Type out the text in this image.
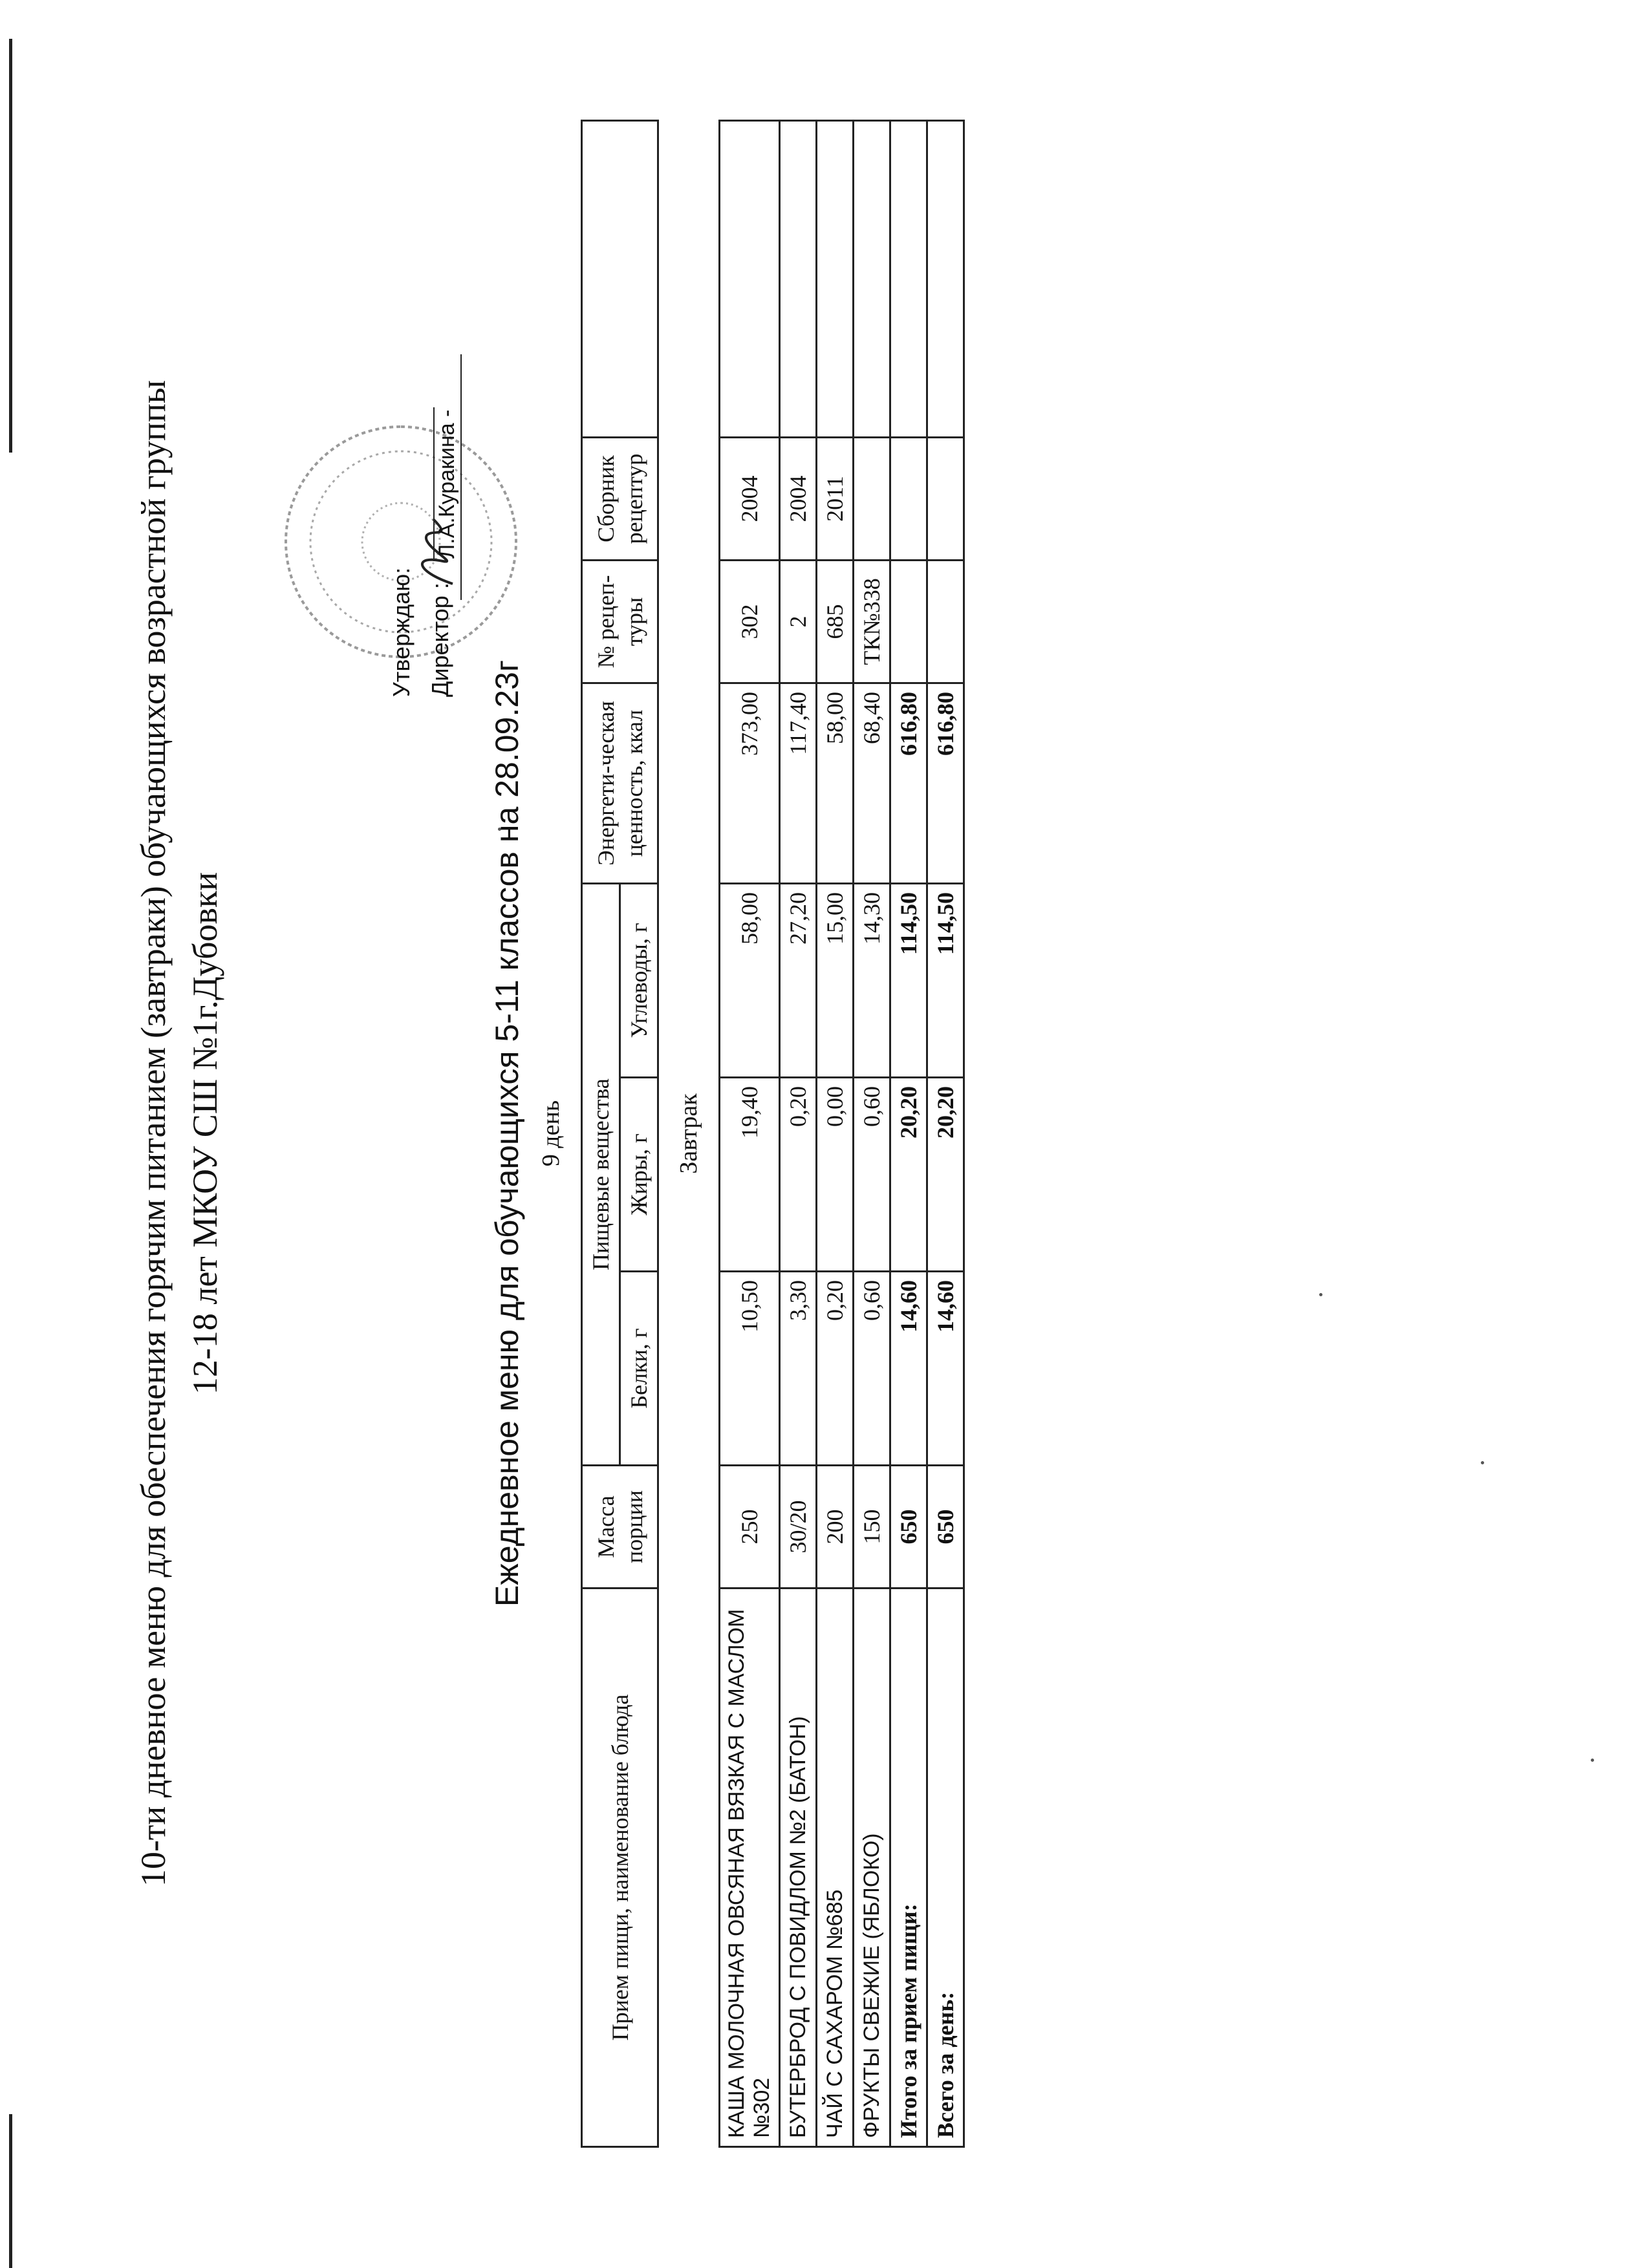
10-ти дневное меню для обеспечения горячим питанием (завтраки) обучающихся возрастной группы 12-18 лет МКОУ СШ №1г.Дубовки
Утверждаю: Директор :
Л.А.Куракина -
Ежедневное меню для обучающихся 5-11 классов на 28.09.23г 9 день
Прием пищи, наименование блюда	Масса порции	Пищевые вещества			Энергети-ческая ценность, ккал	№ рецеп-туры	Сборник рецептур	
		Белки, г	Жиры, г	Углеводы, г				
Завтрак								
КАША МОЛОЧНАЯ ОВСЯНАЯ ВЯЗКАЯ С МАСЛОМ №302	250	10,50	19,40	58,00	373,00	302	2004	
БУТЕРБРОД С ПОВИДЛОМ №2 (БАТОН)	30/20	3,30	0,20	27,20	117,40	2	2004	
ЧАЙ С САХАРОМ №685	200	0,20	0,00	15,00	58,00	685	2011	
ФРУКТЫ СВЕЖИЕ (ЯБЛОКО)	150	0,60	0,60	14,30	68,40	ТК№338		
Итого за прием пищи:	650	14,60	20,20	114,50	616,80			
Всего за день:	650	14,60	20,20	114,50	616,80			
